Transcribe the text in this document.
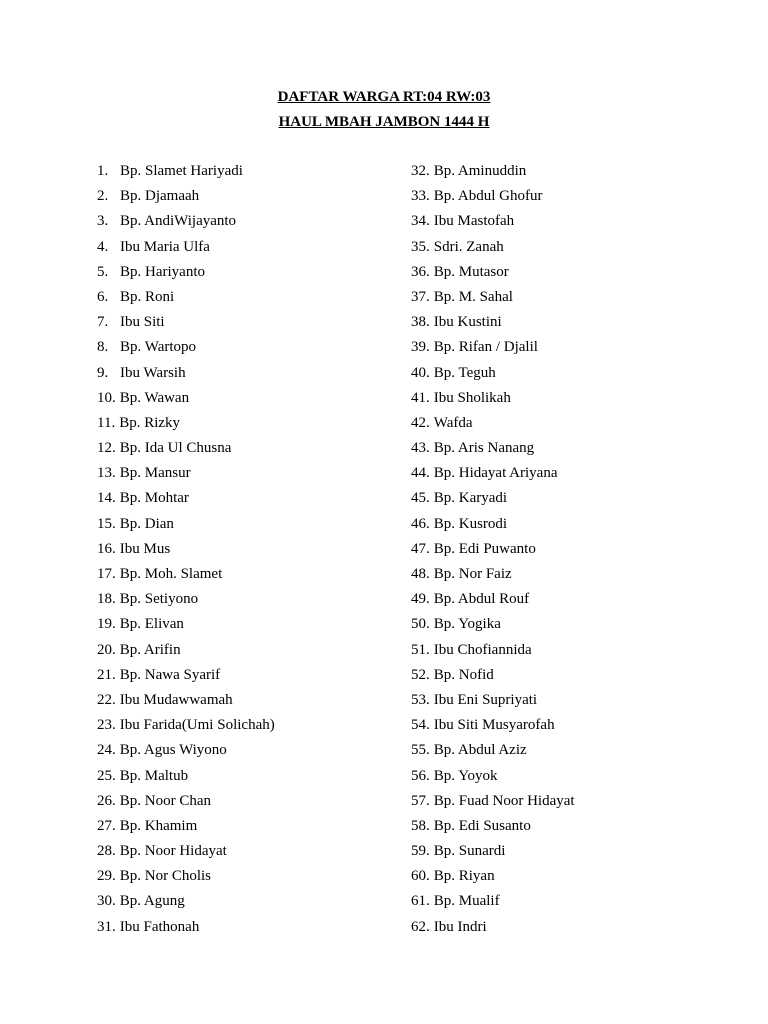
DAFTAR WARGA RT:04 RW:03
HAUL MBAH JAMBON 1444 H
1. Bp. Slamet Hariyadi
2. Bp. Djamaah
3. Bp. AndiWijayanto
4. Ibu Maria Ulfa
5. Bp. Hariyanto
6. Bp. Roni
7. Ibu Siti
8. Bp. Wartopo
9. Ibu Warsih
10. Bp. Wawan
11. Bp. Rizky
12. Bp. Ida Ul Chusna
13. Bp. Mansur
14. Bp. Mohtar
15. Bp. Dian
16. Ibu Mus
17. Bp. Moh. Slamet
18. Bp. Setiyono
19. Bp. Elivan
20. Bp. Arifin
21. Bp. Nawa Syarif
22. Ibu Mudawwamah
23. Ibu Farida(Umi Solichah)
24. Bp. Agus Wiyono
25. Bp. Maltub
26. Bp. Noor Chan
27. Bp. Khamim
28. Bp. Noor Hidayat
29. Bp. Nor Cholis
30. Bp. Agung
31. Ibu Fathonah
32. Bp. Aminuddin
33. Bp. Abdul Ghofur
34. Ibu Mastofah
35. Sdri. Zanah
36. Bp. Mutasor
37. Bp. M. Sahal
38. Ibu Kustini
39. Bp. Rifan / Djalil
40. Bp. Teguh
41. Ibu Sholikah
42. Wafda
43. Bp. Aris Nanang
44. Bp. Hidayat Ariyana
45. Bp. Karyadi
46. Bp. Kusrodi
47. Bp. Edi Puwanto
48. Bp. Nor Faiz
49. Bp. Abdul Rouf
50. Bp. Yogika
51. Ibu Chofiannida
52. Bp. Nofid
53. Ibu Eni Supriyati
54. Ibu Siti Musyarofah
55. Bp. Abdul Aziz
56. Bp. Yoyok
57. Bp. Fuad Noor Hidayat
58. Bp. Edi Susanto
59. Bp. Sunardi
60. Bp. Riyan
61. Bp. Mualif
62. Ibu Indri
